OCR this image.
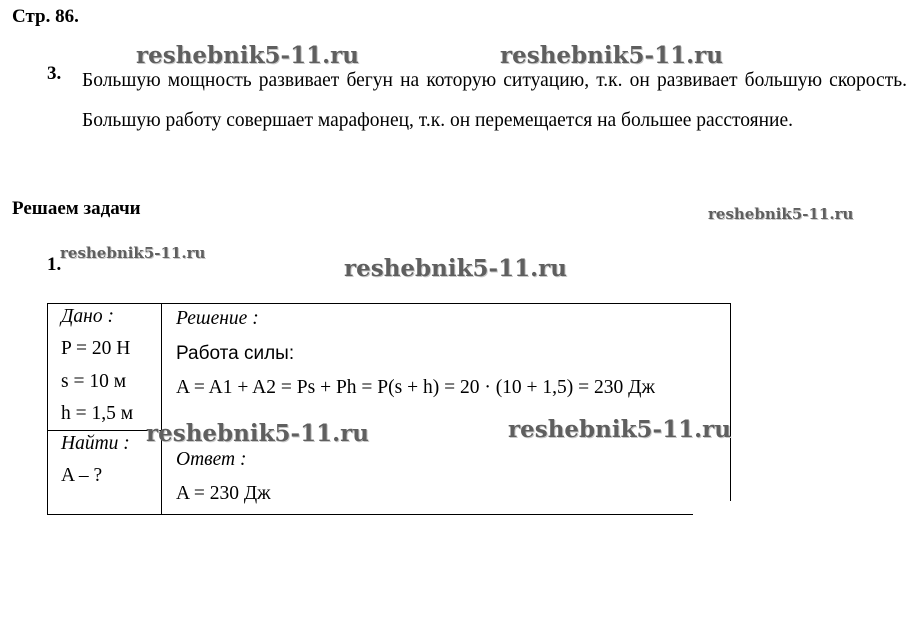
Стр. 86.
reshebnik5-11.ru	reshebnik5-11.ru
reshebnik5-11.ru
reshebnik5-11.ru
reshebnik5-11.ru
3. Большую мощность развивает бегун на которую ситуацию, т.к. он развивает большую скорость. Большую работу совершает марафонец, т.к. он перемещается на большее расстояние.
Решаем задачи
1.
Дано :
P = 20 Н
s = 10 м
h = 1,5 м
Найти :
A – ?
Решение :
Работа силы:
A = A1 + A2 = Ps + Ph = P(s + h) = 20 · (10 + 1,5) = 230 Дж
Ответ :
A = 230 Дж
reshebnik5-11.ru	reshebnik5-11.ru
